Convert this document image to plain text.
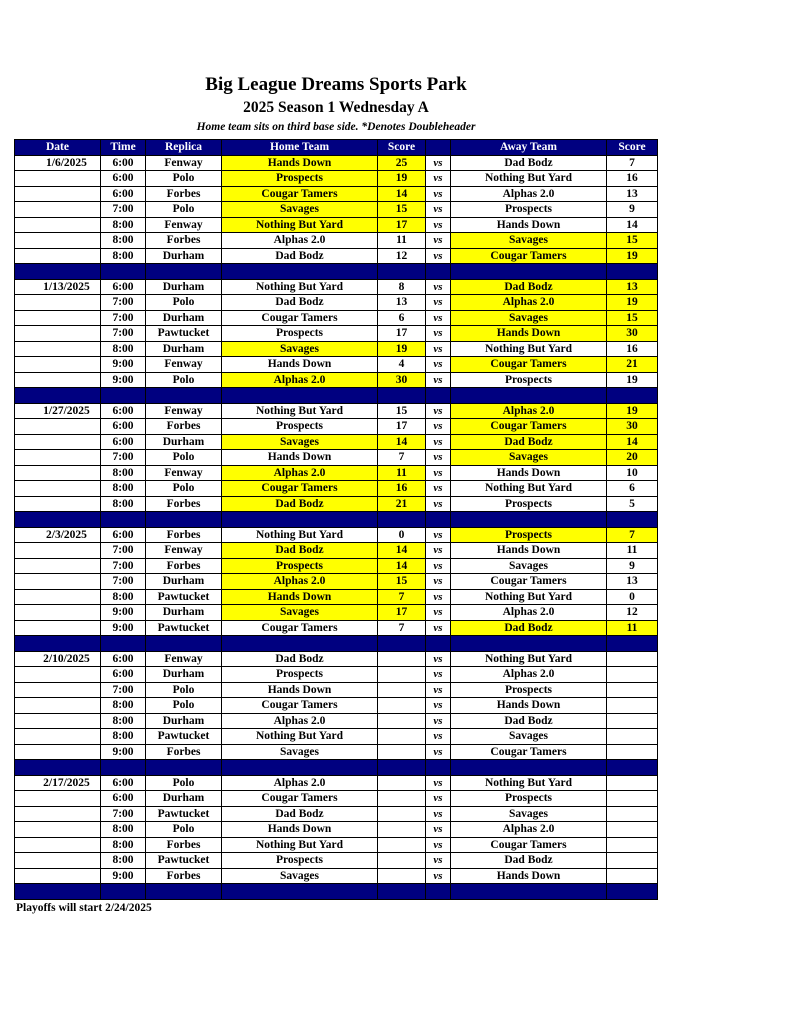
Big League Dreams Sports Park
2025 Season 1 Wednesday A
Home team sits on third base side. *Denotes Doubleheader
Date	Time	Replica	Home Team	Score		Away Team	Score
1/6/2025	6:00	Fenway	Hands Down	25	vs	Dad Bodz	7
	6:00	Polo	Prospects	19	vs	Nothing But Yard	16
	6:00	Forbes	Cougar Tamers	14	vs	Alphas 2.0	13
	7:00	Polo	Savages	15	vs	Prospects	9
	8:00	Fenway	Nothing But Yard	17	vs	Hands Down	14
	8:00	Forbes	Alphas 2.0	11	vs	Savages	15
	8:00	Durham	Dad Bodz	12	vs	Cougar Tamers	19

1/13/2025	6:00	Durham	Nothing But Yard	8	vs	Dad Bodz	13
	7:00	Polo	Dad Bodz	13	vs	Alphas 2.0	19
	7:00	Durham	Cougar Tamers	6	vs	Savages	15
	7:00	Pawtucket	Prospects	17	vs	Hands Down	30
	8:00	Durham	Savages	19	vs	Nothing But Yard	16
	9:00	Fenway	Hands Down	4	vs	Cougar Tamers	21
	9:00	Polo	Alphas 2.0	30	vs	Prospects	19

1/27/2025	6:00	Fenway	Nothing But Yard	15	vs	Alphas 2.0	19
	6:00	Forbes	Prospects	17	vs	Cougar Tamers	30
	6:00	Durham	Savages	14	vs	Dad Bodz	14
	7:00	Polo	Hands Down	7	vs	Savages	20
	8:00	Fenway	Alphas 2.0	11	vs	Hands Down	10
	8:00	Polo	Cougar Tamers	16	vs	Nothing But Yard	6
	8:00	Forbes	Dad Bodz	21	vs	Prospects	5

2/3/2025	6:00	Forbes	Nothing But Yard	0	vs	Prospects	7
	7:00	Fenway	Dad Bodz	14	vs	Hands Down	11
	7:00	Forbes	Prospects	14	vs	Savages	9
	7:00	Durham	Alphas 2.0	15	vs	Cougar Tamers	13
	8:00	Pawtucket	Hands Down	7	vs	Nothing But Yard	0
	9:00	Durham	Savages	17	vs	Alphas 2.0	12
	9:00	Pawtucket	Cougar Tamers	7	vs	Dad Bodz	11

2/10/2025	6:00	Fenway	Dad Bodz		vs	Nothing But Yard	
	6:00	Durham	Prospects		vs	Alphas 2.0	
	7:00	Polo	Hands Down		vs	Prospects	
	8:00	Polo	Cougar Tamers		vs	Hands Down	
	8:00	Durham	Alphas 2.0		vs	Dad Bodz	
	8:00	Pawtucket	Nothing But Yard		vs	Savages	
	9:00	Forbes	Savages		vs	Cougar Tamers	

2/17/2025	6:00	Polo	Alphas 2.0		vs	Nothing But Yard	
	6:00	Durham	Cougar Tamers		vs	Prospects	
	7:00	Pawtucket	Dad Bodz		vs	Savages	
	8:00	Polo	Hands Down		vs	Alphas 2.0	
	8:00	Forbes	Nothing But Yard		vs	Cougar Tamers	
	8:00	Pawtucket	Prospects		vs	Dad Bodz	
	9:00	Forbes	Savages		vs	Hands Down	

Playoffs will start 2/24/2025
